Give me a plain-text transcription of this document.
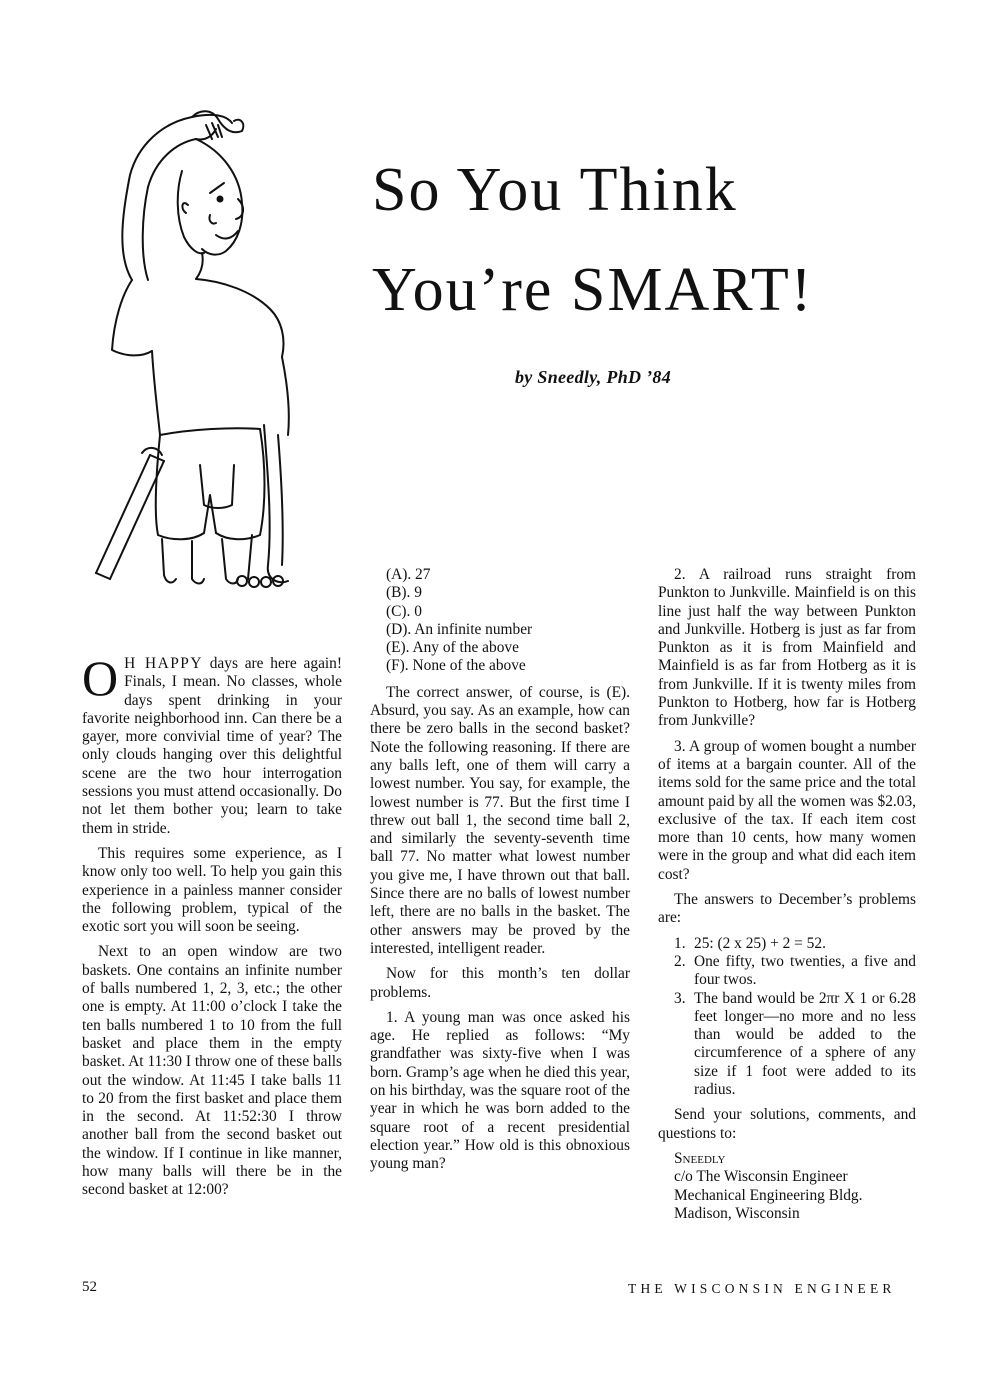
So You Think
You’re SMART!
by Sneedly, PhD ’84

O H HAPPY days are here again! Finals, I mean. No classes, whole days spent drinking in your favorite neighborhood inn. Can there be a gayer, more convivial time of year? The only clouds hanging over this delightful scene are the two hour interrogation sessions you must attend occasionally. Do not let them bother you; learn to take them in stride.

This requires some experience, as I know only too well. To help you gain this experience in a painless manner consider the following problem, typical of the exotic sort you will soon be seeing.

Next to an open window are two baskets. One contains an infinite number of balls numbered 1, 2, 3, etc.; the other one is empty. At 11:00 o’clock I take the ten balls numbered 1 to 10 from the full basket and place them in the empty basket. At 11:30 I throw one of these balls out the window. At 11:45 I take balls 11 to 20 from the first basket and place them in the second. At 11:52:30 I throw another ball from the second basket out the window. If I continue in like manner, how many balls will there be in the second basket at 12:00?

(A). 27
(B). 9
(C). 0
(D). An infinite number
(E). Any of the above
(F). None of the above

The correct answer, of course, is (E). Absurd, you say. As an example, how can there be zero balls in the second basket? Note the following reasoning. If there are any balls left, one of them will carry a lowest number. You say, for example, the lowest number is 77. But the first time I threw out ball 1, the second time ball 2, and similarly the seventy-seventh time ball 77. No matter what lowest number you give me, I have thrown out that ball. Since there are no balls of lowest number left, there are no balls in the basket. The other answers may be proved by the interested, intelligent reader.

Now for this month’s ten dollar problems.

1. A young man was once asked his age. He replied as follows: “My grandfather was sixty-five when I was born. Gramp’s age when he died this year, on his birthday, was the square root of the year in which he was born added to the square root of a recent presidential election year.” How old is this obnoxious young man?

2. A railroad runs straight from Punkton to Junkville. Mainfield is on this line just half the way between Punkton and Junkville. Hotberg is just as far from Punkton as it is from Mainfield and Mainfield is as far from Hotberg as it is from Junkville. If it is twenty miles from Punkton to Hotberg, how far is Hotberg from Junkville?

3. A group of women bought a number of items at a bargain counter. All of the items sold for the same price and the total amount paid by all the women was $2.03, exclusive of the tax. If each item cost more than 10 cents, how many women were in the group and what did each item cost?

The answers to December’s problems are:

1. 25: (2 x 25) + 2 = 52.
2. One fifty, two twenties, a five and four twos.
3. The band would be 2πr X 1 or 6.28 feet longer—no more and no less than would be added to the circumference of a sphere of any size if 1 foot were added to its radius.

Send your solutions, comments, and questions to:

Sneedly
c/o The Wisconsin Engineer
Mechanical Engineering Bldg.
Madison, Wisconsin
52	THE WISCONSIN ENGINEER
